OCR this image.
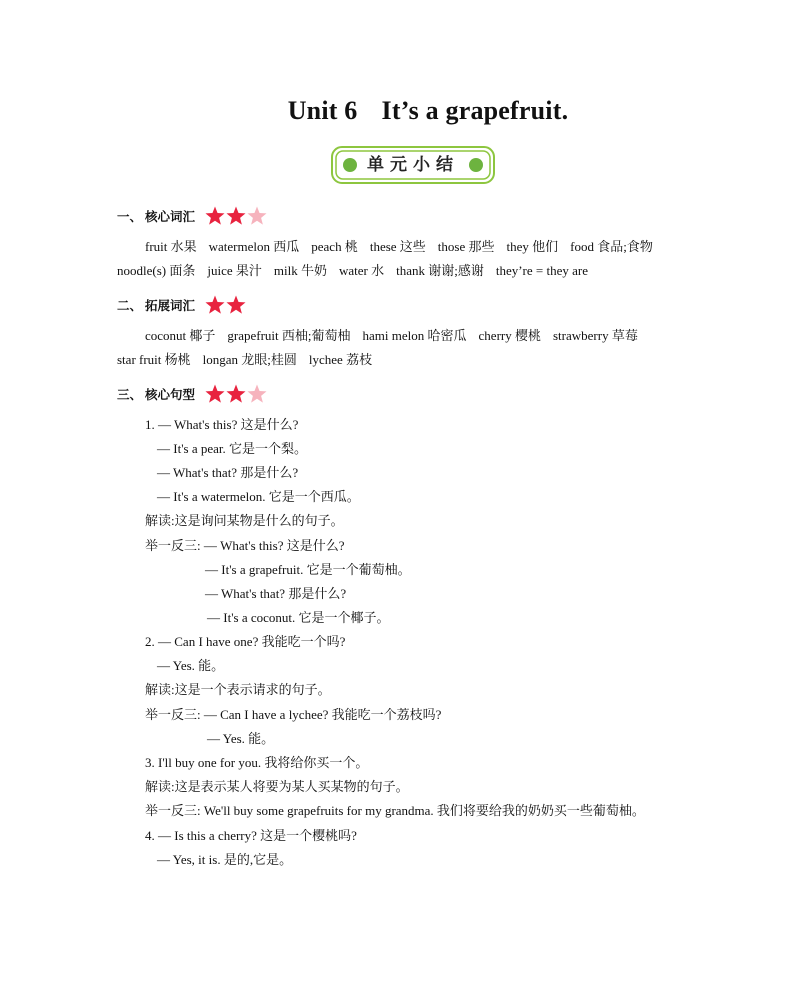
Unit 6 It’s a grapefruit.
单元小结
一、 核心词汇
fruit 水果 watermelon 西瓜 peach 桃 these 这些 those 那些 they 他们 food 食品;食物
noodle(s) 面条 juice 果汁 milk 牛奶 water 水 thank 谢谢;感谢 they’re = they are
二、 拓展词汇
coconut 椰子 grapefruit 西柚;葡萄柚 hami melon 哈密瓜 cherry 樱桃 strawberry 草莓
star fruit 杨桃 longan 龙眼;桂圆 lychee 荔枝
三、 核心句型
1. — What's this? 这是什么?
— It's a pear. 它是一个梨。
— What's that? 那是什么?
— It's a watermelon. 它是一个西瓜。
解读:这是询问某物是什么的句子。
举一反三: — What's this? 这是什么?
— It's a grapefruit. 它是一个葡萄柚。
— What's that? 那是什么?
— It's a coconut. 它是一个椰子。
2. — Can I have one? 我能吃一个吗?
— Yes. 能。
解读:这是一个表示请求的句子。
举一反三: — Can I have a lychee? 我能吃一个荔枝吗?
— Yes. 能。
3. I'll buy one for you. 我将给你买一个。
解读:这是表示某人将要为某人买某物的句子。
举一反三: We'll buy some grapefruits for my grandma. 我们将要给我的奶奶买一些葡萄柚。
4. — Is this a cherry? 这是一个樱桃吗?
— Yes, it is. 是的,它是。
